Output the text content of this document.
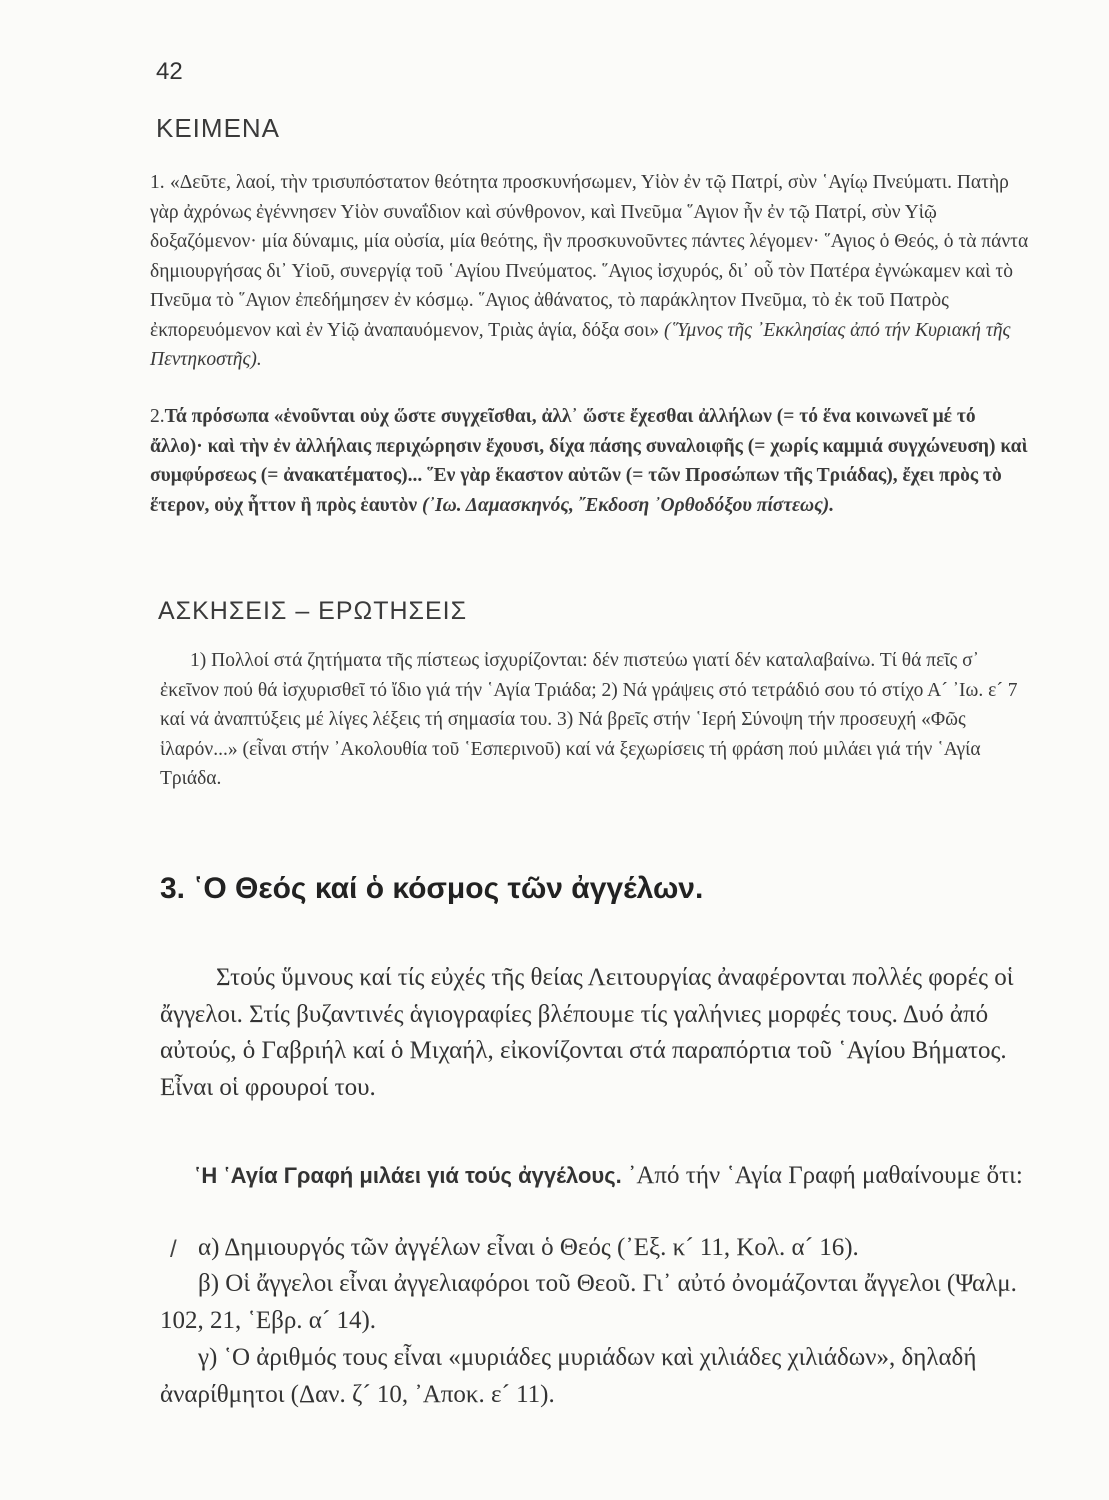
42
ΚΕΙΜΕΝΑ

1. «Δεῦτε, λαοί, τὴν τρισυπόστατον θεότητα προσκυνήσωμεν, Υἱὸν ἐν τῷ Πατρί, σὺν ῾Αγίῳ Πνεύματι. Πατὴρ γὰρ ἀχρόνως ἐγέννησεν Υἱὸν συναΐδιον καὶ σύνθρονον, καὶ Πνεῦμα ῞Αγιον ἦν ἐν τῷ Πατρί, σὺν Υἱῷ δοξαζόμενον· μία δύναμις, μία οὐσία, μία θεότης, ἣν προσκυνοῦντες πάντες λέγομεν· ῞Αγιος ὁ Θεός, ὁ τὰ πάντα δημιουργήσας δι᾽ Υἱοῦ, συνεργίᾳ τοῦ ῾Αγίου Πνεύματος. ῞Αγιος ἰσχυρός, δι᾽ οὗ τὸν Πατέρα ἐγνώκαμεν καὶ τὸ Πνεῦμα τὸ ῞Αγιον ἐπεδήμησεν ἐν κόσμῳ. ῞Αγιος ἀθάνατος, τὸ παράκλητον Πνεῦμα, τὸ ἐκ τοῦ Πατρὸς ἐκπορευόμενον καὶ ἐν Υἱῷ ἀναπαυόμενον, Τριὰς ἁγία, δόξα σοι» (῞Υμνος τῆς ᾿Εκκλησίας ἀπό τήν Κυριακή τῆς Πεντηκοστῆς).

2.Τά πρόσωπα «ἑνοῦνται οὐχ ὥστε συγχεῖσθαι, ἀλλ᾽ ὥστε ἔχεσθαι ἀλλήλων (= τό ἕνα κοινωνεῖ μέ τό ἄλλο)· καὶ τὴν ἐν ἀλλήλαις περιχώρησιν ἔχουσι, δίχα πάσης συναλοιφῆς (= χωρίς καμμιά συγχώνευση) καὶ συμφύρσεως (= ἀνακατέματος)... ῞Εν γὰρ ἕκαστον αὐτῶν (= τῶν Προσώπων τῆς Τριάδας), ἔχει πρὸς τὸ ἕτερον, οὐχ ἧττον ἢ πρὸς ἑαυτὸν (᾿Ιω. Δαμασκηνός, ῎Εκδοση ᾿Ορθοδόξου πίστεως).

ΑΣΚΗΣΕΙΣ – ΕΡΩΤΗΣΕΙΣ

1) Πολλοί στά ζητήματα τῆς πίστεως ἰσχυρίζονται: δέν πιστεύω γιατί δέν καταλαβαίνω. Τί θά πεῖς σ᾽ ἐκεῖνον πού θά ἰσχυρισθεῖ τό ἴδιο γιά τήν ῾Αγία Τριάδα; 2) Νά γράψεις στό τετράδιό σου τό στίχο Α´ ᾿Ιω. ε´ 7 καί νά ἀναπτύξεις μέ λίγες λέξεις τή σημασία του. 3) Νά βρεῖς στήν ῾Ιερή Σύνοψη τήν προσευχή «Φῶς ἱλαρόν...» (εἶναι στήν ᾿Ακολουθία τοῦ ῾Εσπερινοῦ) καί νά ξεχωρίσεις τή φράση πού μιλάει γιά τήν ῾Αγία Τριάδα.

3. ῾Ο Θεός καί ὁ κόσμος τῶν ἀγγέλων.

Στούς ὕμνους καί τίς εὐχές τῆς θείας Λειτουργίας ἀναφέρονται πολλές φορές οἱ ἄγγελοι. Στίς βυζαντινές ἁγιογραφίες βλέπουμε τίς γαλήνιες μορφές τους. Δυό ἀπό αὐτούς, ὁ Γαβριήλ καί ὁ Μιχαήλ, εἰκονίζονται στά παραπόρτια τοῦ ῾Αγίου Βήματος. Εἶναι οἱ φρουροί του.

῾Η ῾Αγία Γραφή μιλάει γιά τούς ἀγγέλους. ᾿Από τήν ῾Αγία Γραφή μαθαίνουμε ὅτι:

/ α) Δημιουργός τῶν ἀγγέλων εἶναι ὁ Θεός (᾿Εξ. κ´ 11, Κολ. α´ 16).

β) Οἱ ἄγγελοι εἶναι ἀγγελιαφόροι τοῦ Θεοῦ. Γι᾽ αὐτό ὀνομάζονται ἄγγελοι (Ψαλμ. 102, 21, ῾Εβρ. α´ 14).

γ) ῾Ο ἀριθμός τους εἶναι «μυριάδες μυριάδων καὶ χιλιάδες χιλιάδων», δηλαδή ἀναρίθμητοι (Δαν. ζ´ 10, ᾿Αποκ. ε´ 11).
